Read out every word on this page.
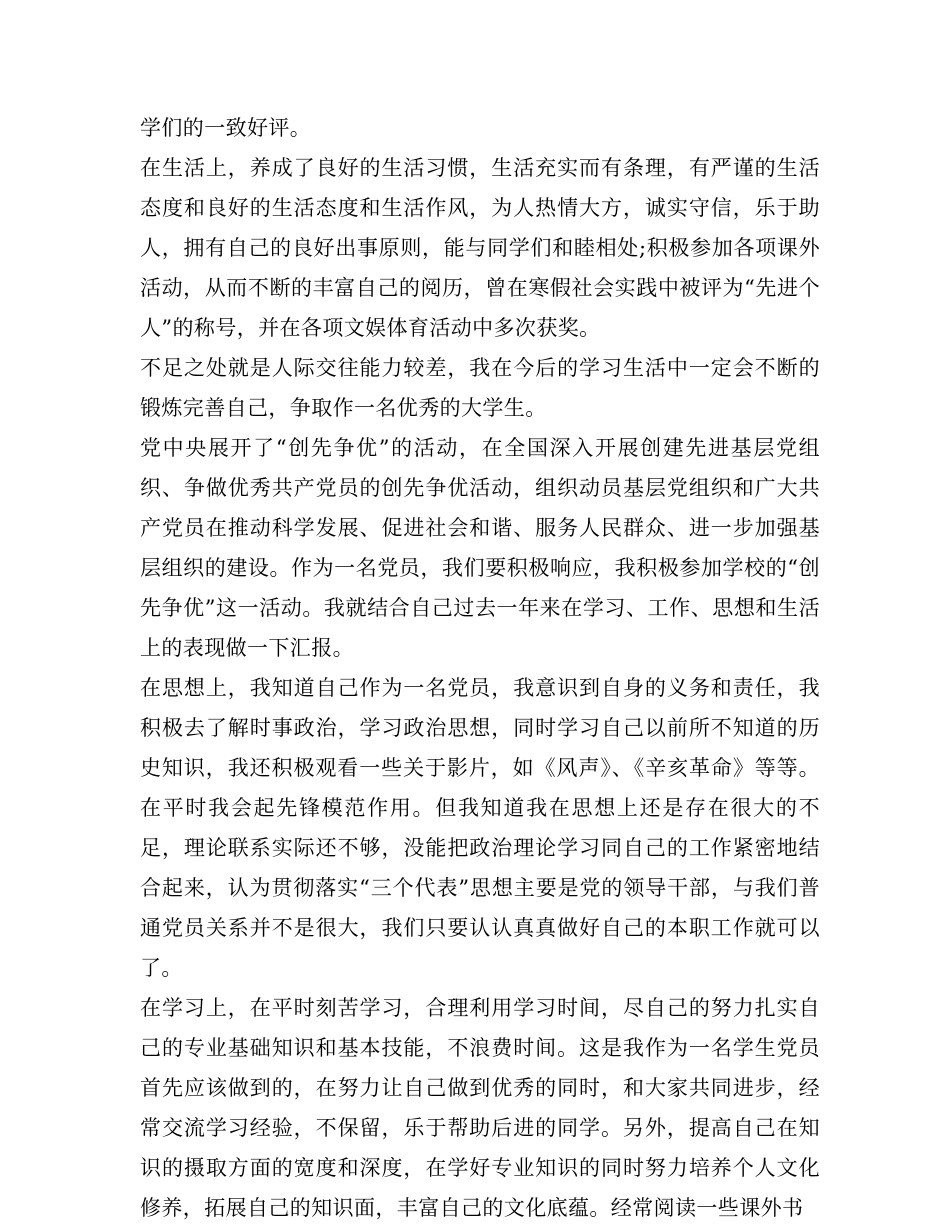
学们的一致好评。

在生活上，养成了良好的生活习惯，生活充实而有条理，有严谨的生活态度和良好的生活态度和生活作风，为人热情大方，诚实守信，乐于助人，拥有自己的良好出事原则，能与同学们和睦相处;积极参加各项课外活动，从而不断的丰富自己的阅历，曾在寒假社会实践中被评为“先进个人”的称号，并在各项文娱体育活动中多次获奖。

不足之处就是人际交往能力较差，我在今后的学习生活中一定会不断的锻炼完善自己，争取作一名优秀的大学生。

党中央展开了“创先争优”的活动，在全国深入开展创建先进基层党组织、争做优秀共产党员的创先争优活动，组织动员基层党组织和广大共产党员在推动科学发展、促进社会和谐、服务人民群众、进一步加强基层组织的建设。作为一名党员，我们要积极响应，我积极参加学校的“创先争优”这一活动。我就结合自己过去一年来在学习、工作、思想和生活上的表现做一下汇报。

在思想上，我知道自己作为一名党员，我意识到自身的义务和责任，我积极去了解时事政治，学习政治思想，同时学习自己以前所不知道的历史知识，我还积极观看一些关于影片，如《风声》、《辛亥革命》等等。在平时我会起先锋模范作用。但我知道我在思想上还是存在很大的不足，理论联系实际还不够，没能把政治理论学习同自己的工作紧密地结合起来，认为贯彻落实“三个代表”思想主要是党的领导干部，与我们普通党员关系并不是很大，我们只要认认真真做好自己的本职工作就可以了。

在学习上，在平时刻苦学习，合理利用学习时间，尽自己的努力扎实自己的专业基础知识和基本技能，不浪费时间。这是我作为一名学生党员首先应该做到的，在努力让自己做到优秀的同时，和大家共同进步，经常交流学习经验，不保留，乐于帮助后进的同学。另外，提高自己在知识的摄取方面的宽度和深度，在学好专业知识的同时努力培养个人文化修养，拓展自己的知识面，丰富自己的文化底蕴。经常阅读一些课外书
